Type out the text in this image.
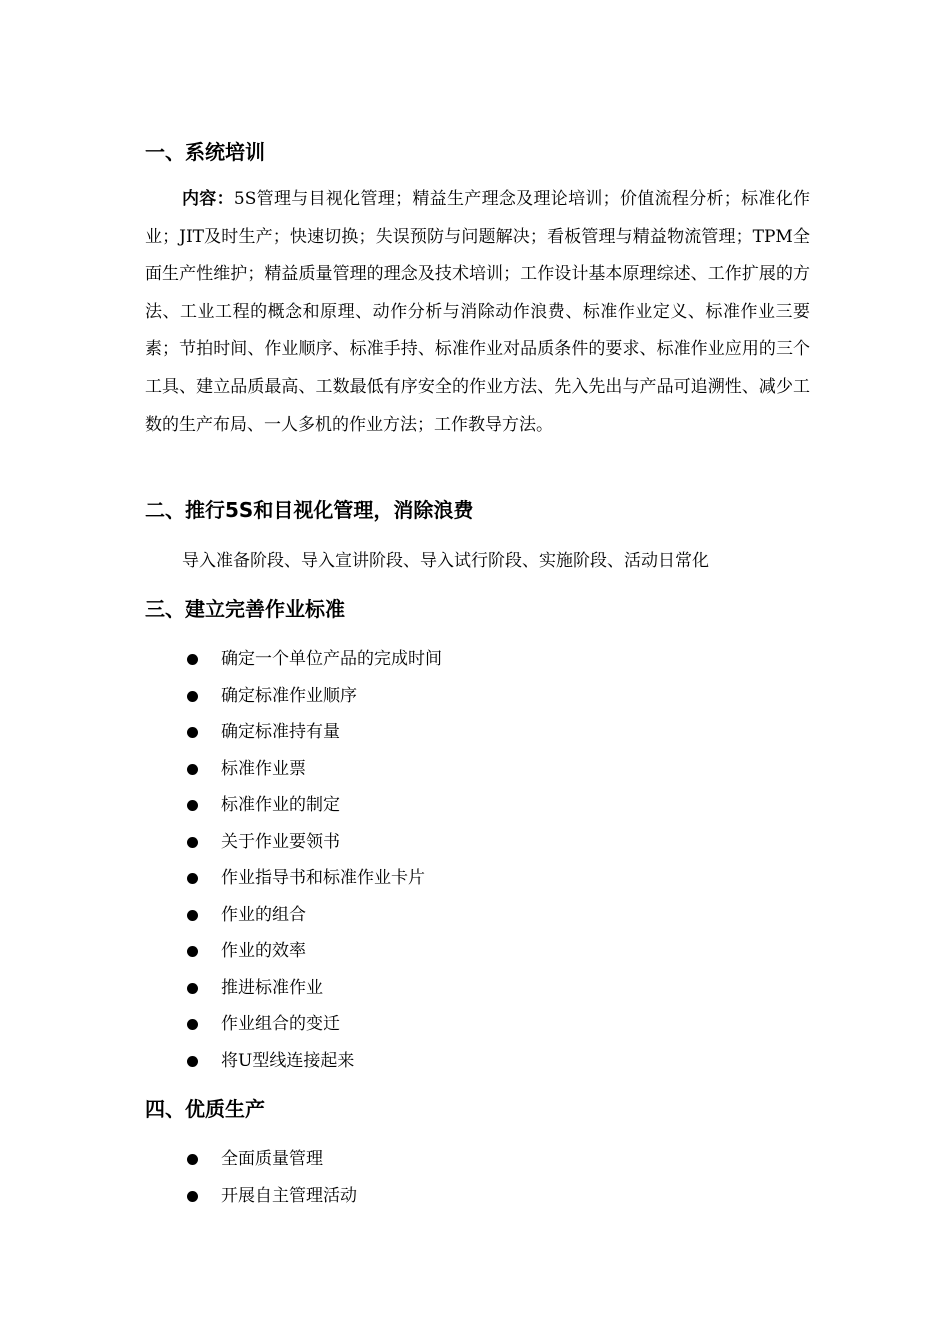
一、系统培训

内容：5S管理与目视化管理；精益生产理念及理论培训；价值流程分析；标准化作业；JIT及时生产；快速切换；失误预防与问题解决；看板管理与精益物流管理；TPM全面生产性维护；精益质量管理的理念及技术培训；工作设计基本原理综述、工作扩展的方法、工业工程的概念和原理、动作分析与消除动作浪费、标准作业定义、标准作业三要素；节拍时间、作业顺序、标准手持、标准作业对品质条件的要求、标准作业应用的三个工具、建立品质最高、工数最低有序安全的作业方法、先入先出与产品可追溯性、减少工数的生产布局、一人多机的作业方法；工作教导方法。

二、推行5S和目视化管理，消除浪费

导入准备阶段、导入宣讲阶段、导入试行阶段、实施阶段、活动日常化

三、建立完善作业标准
确定一个单位产品的完成时间
确定标准作业顺序
确定标准持有量
标准作业票
标准作业的制定
关于作业要领书
作业指导书和标准作业卡片
作业的组合
作业的效率
推进标准作业
作业组合的变迁
将U型线连接起来
四、优质生产
全面质量管理
开展自主管理活动
